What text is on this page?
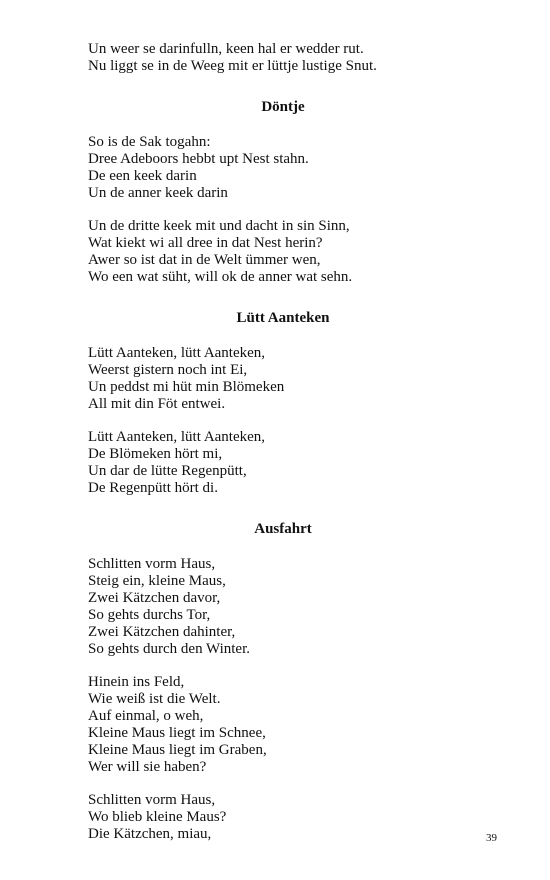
Un weer se darinfulln, keen hal er wedder rut.
Nu liggt se in de Weeg mit er lüttje lustige Snut.
Döntje
So is de Sak togahn:
Dree Adeboors hebbt upt Nest stahn.
De een keek darin
Un de anner keek darin
Un de dritte keek mit und dacht in sin Sinn,
Wat kiekt wi all dree in dat Nest herin?
Awer so ist dat in de Welt ümmer wen,
Wo een wat süht, will ok de anner wat sehn.
Lütt Aanteken
Lütt Aanteken, lütt Aanteken,
Weerst gistern noch int Ei,
Un peddst mi hüt min Blömeken
All mit din Föt entwei.
Lütt Aanteken, lütt Aanteken,
De Blömeken hört mi,
Un dar de lütte Regenpütt,
De Regenpütt hört di.
Ausfahrt
Schlitten vorm Haus,
Steig ein, kleine Maus,
Zwei Kätzchen davor,
So gehts durchs Tor,
Zwei Kätzchen dahinter,
So gehts durch den Winter.
Hinein ins Feld,
Wie weiß ist die Welt.
Auf einmal, o weh,
Kleine Maus liegt im Schnee,
Kleine Maus liegt im Graben,
Wer will sie haben?
Schlitten vorm Haus,
Wo blieb kleine Maus?
Die Kätzchen, miau,	39
